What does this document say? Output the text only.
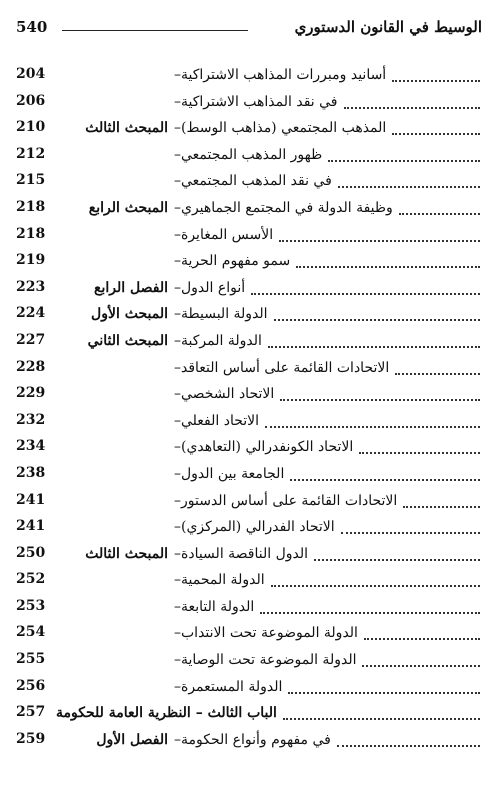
540	الوسيط في القانون الدستوري
204	– أسانيد ومبررات المذاهب الاشتراكية
206	– في نقد المذاهب الاشتراكية
210	المبحث الثالث – المذهب المجتمعي (مذاهب الوسط)
212	– ظهور المذهب المجتمعي
215	– في نقد المذهب المجتمعي
218	المبحث الرابع – وظيفة الدولة في المجتمع الجماهيري
218	– الأسس المغايرة
219	– سمو مفهوم الحرية
223	الفصل الرابع – أنواع الدول
224	المبحث الأول – الدولة البسيطة
227	المبحث الثاني – الدولة المركبة
228	– الاتحادات القائمة على أساس التعاقد
229	– الاتحاد الشخصي
232	– الاتحاد الفعلي
234	– الاتحاد الكونفدرالي (التعاهدي)
238	– الجامعة بين الدول
241	– الاتحادات القائمة على أساس الدستور
241	– الاتحاد الفدرالي (المركزي)
250	المبحث الثالث – الدول الناقصة السيادة
252	– الدولة المحمية
253	– الدولة التابعة
254	– الدولة الموضوعة تحت الانتداب
255	– الدولة الموضوعة تحت الوصاية
256	– الدولة المستعمرة
257 الباب الثالث – النظرية العامة للحكومة
259	الفصل الأول – في مفهوم وأنواع الحكومة
